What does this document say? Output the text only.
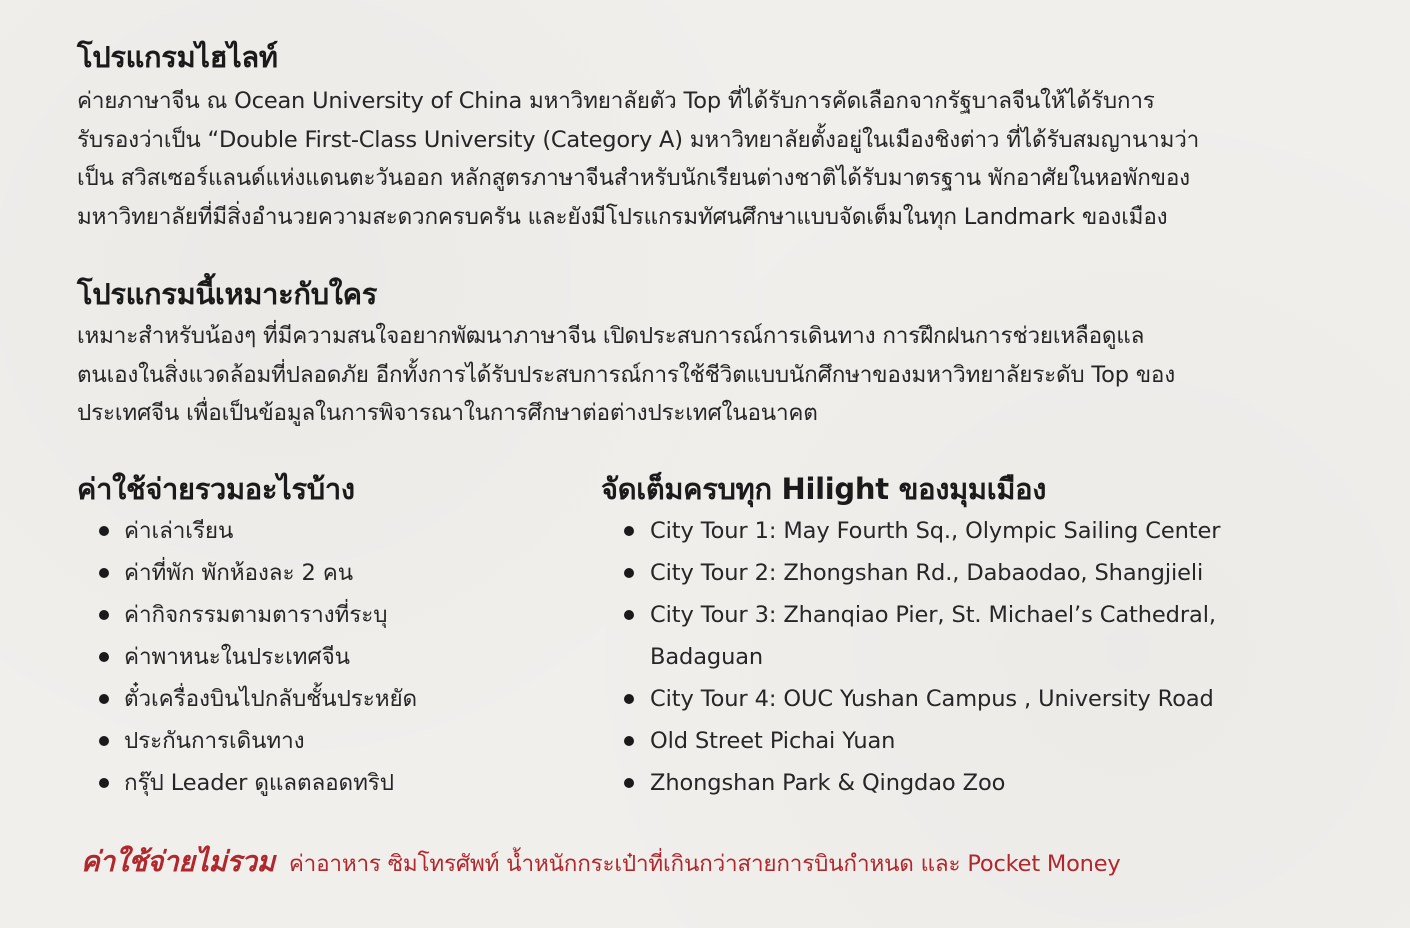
โปรแกรมไฮไลท์

ค่ายภาษาจีน ณ Ocean University of China มหาวิทยาลัยตัว Top ที่ได้รับการคัดเลือกจากรัฐบาลจีนให้ได้รับการ
รับรองว่าเป็น “Double First-Class University (Category A) มหาวิทยาลัยตั้งอยู่ในเมืองชิงต่าว ที่ได้รับสมญานามว่า
เป็น สวิสเซอร์แลนด์แห่งแดนตะวันออก หลักสูตรภาษาจีนสำหรับนักเรียนต่างชาติได้รับมาตรฐาน พักอาศัยในหอพักของ
มหาวิทยาลัยที่มีสิ่งอำนวยความสะดวกครบครัน และยังมีโปรแกรมทัศนศึกษาแบบจัดเต็มในทุก Landmark ของเมือง

โปรแกรมนี้เหมาะกับใคร

เหมาะสำหรับน้องๆ ที่มีความสนใจอยากพัฒนาภาษาจีน เปิดประสบการณ์การเดินทาง การฝึกฝนการช่วยเหลือดูแล
ตนเองในสิ่งแวดล้อมที่ปลอดภัย อีกทั้งการได้รับประสบการณ์การใช้ชีวิตแบบนักศึกษาของมหาวิทยาลัยระดับ Top ของ
ประเทศจีน เพื่อเป็นข้อมูลในการพิจารณาในการศึกษาต่อต่างประเทศในอนาคต

ค่าใช้จ่ายรวมอะไรบ้าง
ค่าเล่าเรียน
ค่าที่พัก พักห้องละ 2 คน
ค่ากิจกรรมตามตารางที่ระบุ
ค่าพาหนะในประเทศจีน
ตั๋วเครื่องบินไปกลับชั้นประหยัด
ประกันการเดินทาง
กรุ๊ป Leader ดูแลตลอดทริป
จัดเต็มครบทุก Hilight ของมุมเมือง
City Tour 1: May Fourth Sq., Olympic Sailing Center
City Tour 2: Zhongshan Rd., Dabaodao, Shangjieli
City Tour 3: Zhanqiao Pier, St. Michael’s Cathedral,
Badaguan
City Tour 4: OUC Yushan Campus , University Road
Old Street Pichai Yuan
Zhongshan Park & Qingdao Zoo
ค่าใช้จ่ายไม่รวม ค่าอาหาร ซิมโทรศัพท์ น้ำหนักกระเป๋าที่เกินกว่าสายการบินกำหนด และ Pocket Money
